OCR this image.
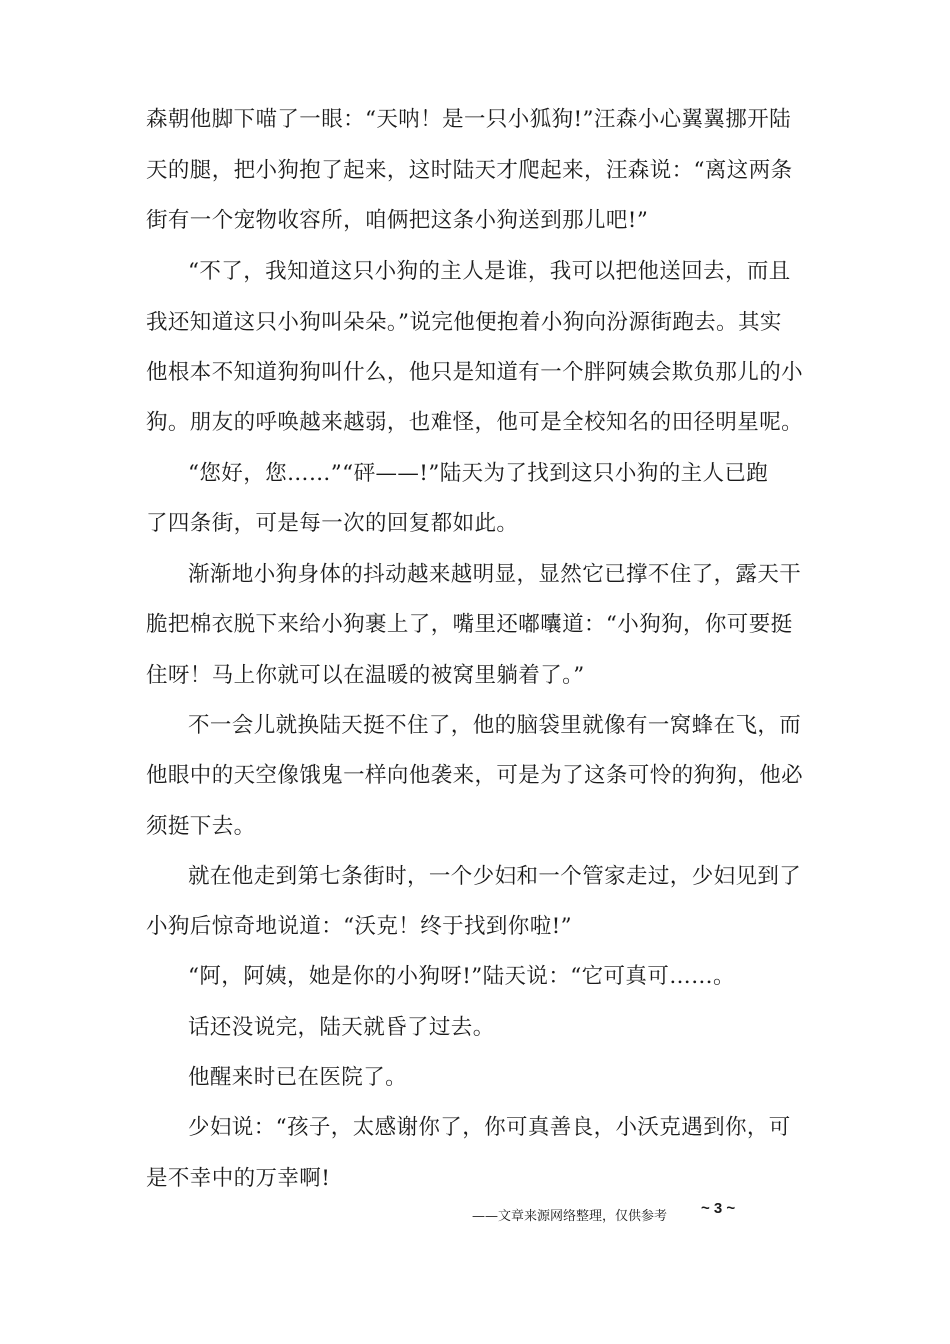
森朝他脚下喵了一眼：“天呐！是一只小狐狗!”汪森小心翼翼挪开陆
天的腿，把小狗抱了起来，这时陆天才爬起来，汪森说：“离这两条
街有一个宠物收容所，咱俩把这条小狗送到那儿吧!”
“不了，我知道这只小狗的主人是谁，我可以把他送回去，而且
我还知道这只小狗叫朵朵。”说完他便抱着小狗向汾源街跑去。其实
他根本不知道狗狗叫什么，他只是知道有一个胖阿姨会欺负那儿的小
狗。朋友的呼唤越来越弱，也难怪，他可是全校知名的田径明星呢。
“您好，您……”“砰——!”陆天为了找到这只小狗的主人已跑
了四条街，可是每一次的回复都如此。
渐渐地小狗身体的抖动越来越明显，显然它已撑不住了，露天干
脆把棉衣脱下来给小狗裹上了，嘴里还嘟囔道：“小狗狗，你可要挺
住呀！马上你就可以在温暖的被窝里躺着了。”
不一会儿就换陆天挺不住了，他的脑袋里就像有一窝蜂在飞，而
他眼中的天空像饿鬼一样向他袭来，可是为了这条可怜的狗狗，他必
须挺下去。
就在他走到第七条街时，一个少妇和一个管家走过，少妇见到了
小狗后惊奇地说道：“沃克！终于找到你啦!”
“阿，阿姨，她是你的小狗呀!”陆天说：“它可真可……。
话还没说完，陆天就昏了过去。
他醒来时已在医院了。
少妇说：“孩子，太感谢你了，你可真善良，小沃克遇到你，可
是不幸中的万幸啊!
——文章来源网络整理，仅供参考 ~ 3 ~
